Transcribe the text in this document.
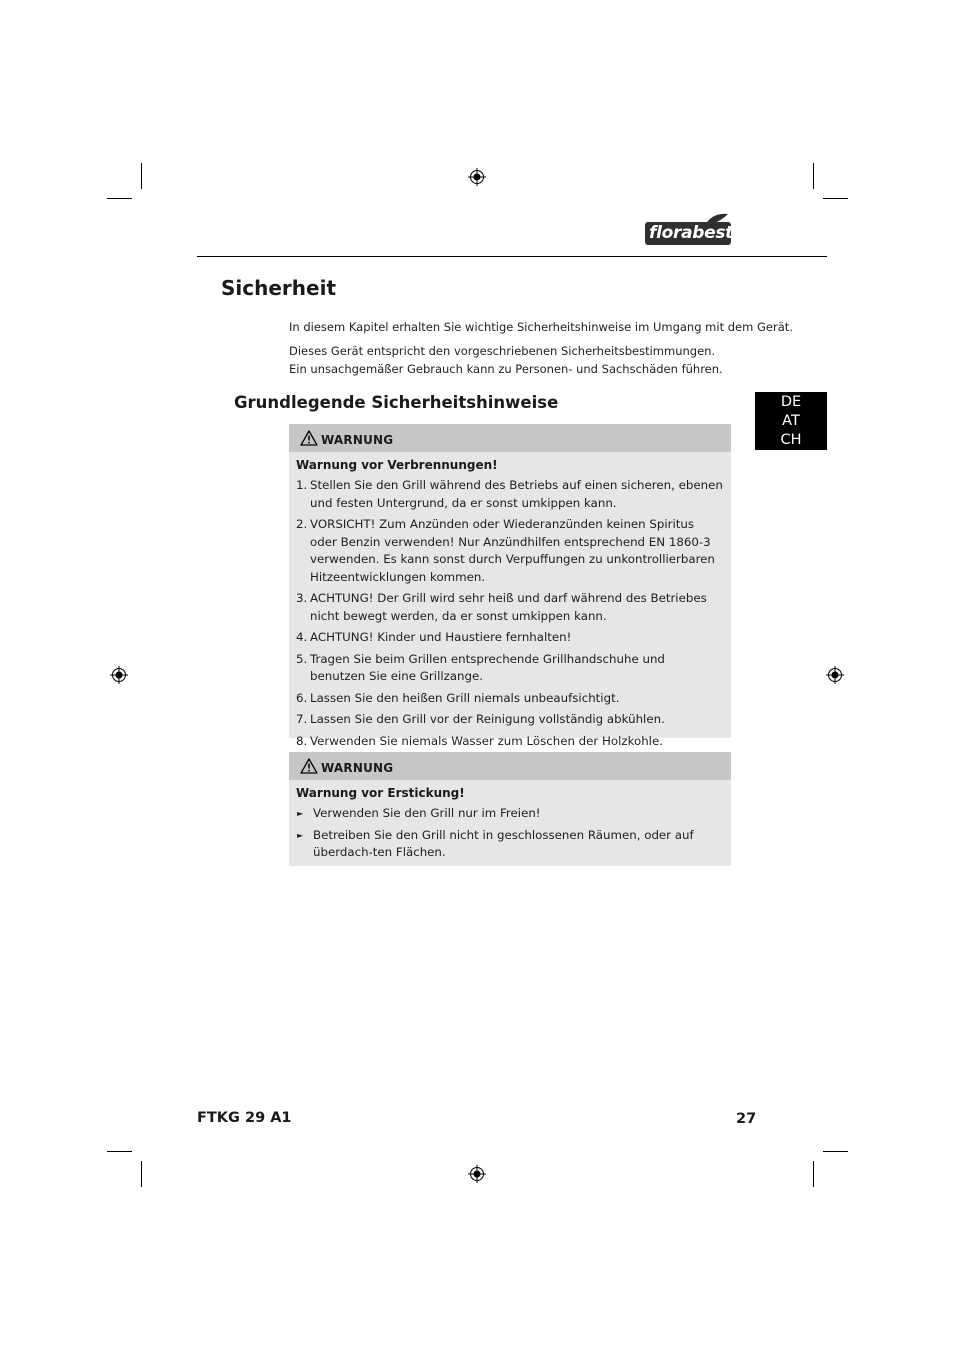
florabest
Sicherheit
In diesem Kapitel erhalten Sie wichtige Sicherheitshinweise im Umgang mit dem Gerät.
Dieses Gerät entspricht den vorgeschriebenen Sicherheitsbestimmungen.
Ein unsachgemäßer Gebrauch kann zu Personen- und Sachschäden führen.
Grundlegende Sicherheitshinweise	DE
AT
CH
WARNUNG
Warnung vor Verbrennungen!

1. Stellen Sie den Grill während des Betriebs auf einen sicheren, ebenen und festen Untergrund, da er sonst umkippen kann.

2. VORSICHT! Zum Anzünden oder Wiederanzünden keinen Spiritus oder Benzin verwenden! Nur Anzündhilfen entsprechend EN 1860-3 verwenden. Es kann sonst durch Verpuffungen zu unkontrollierbaren Hitzeentwicklungen kommen.

3. ACHTUNG! Der Grill wird sehr heiß und darf während des Betriebes nicht bewegt werden, da er sonst umkippen kann.

4. ACHTUNG! Kinder und Haustiere fernhalten!

5. Tragen Sie beim Grillen entsprechende Grillhandschuhe und benutzen Sie eine Grillzange.

6. Lassen Sie den heißen Grill niemals unbeaufsichtigt.

7. Lassen Sie den Grill vor der Reinigung vollständig abkühlen.

8. Verwenden Sie niemals Wasser zum Löschen der Holzkohle.

WARNUNG
Warnung vor Erstickung!

► Verwenden Sie den Grill nur im Freien!

► Betreiben Sie den Grill nicht in geschlossenen Räumen, oder auf überdach-ten Flächen.

FTKG 29 A1	27
